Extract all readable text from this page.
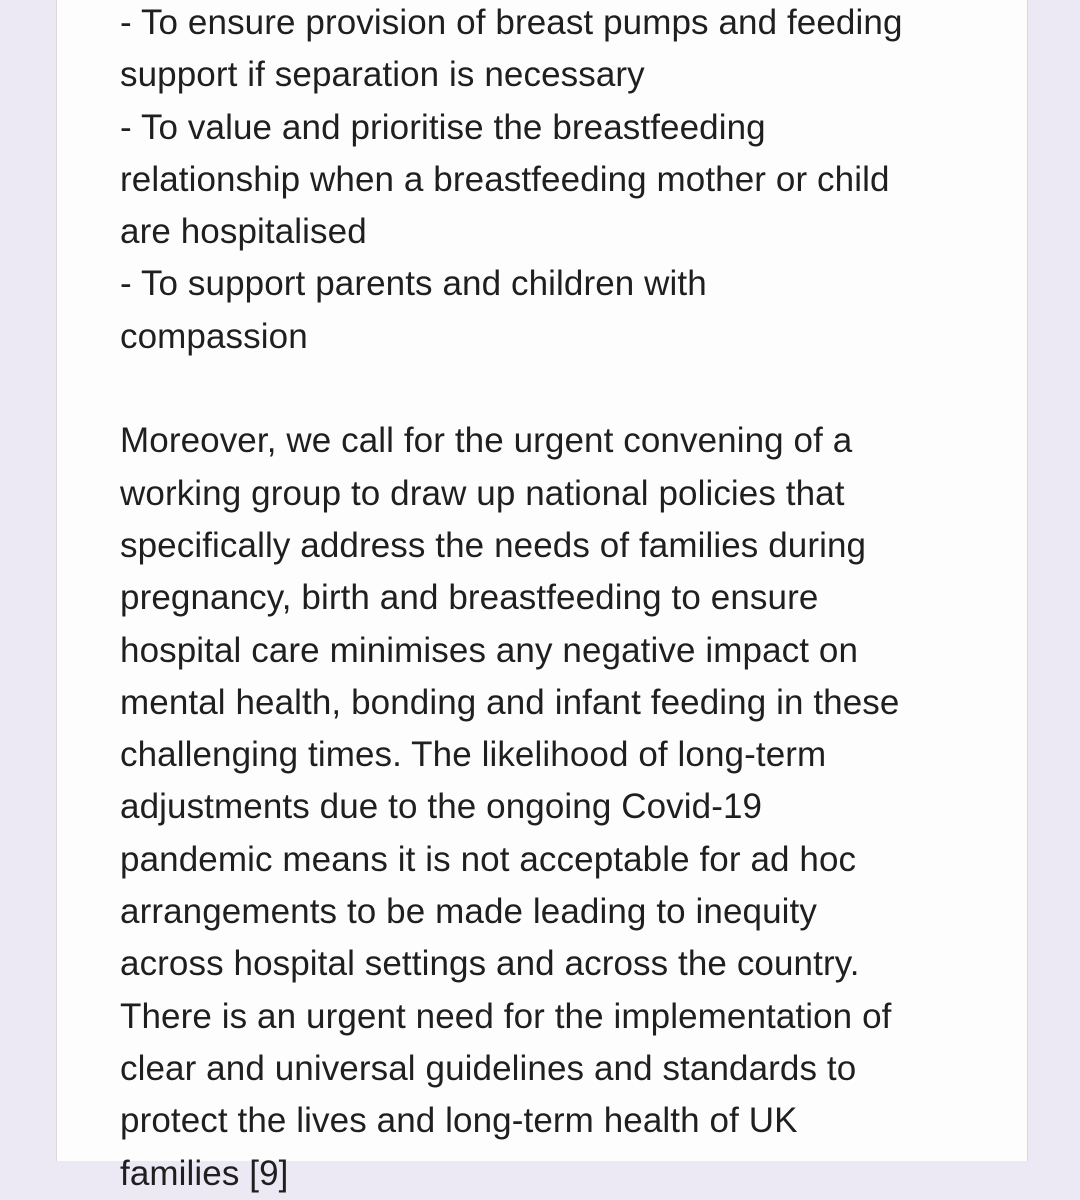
- To ensure provision of breast pumps and feeding
support if separation is necessary
- To value and prioritise the breastfeeding
relationship when a breastfeeding mother or child
are hospitalised
- To support parents and children with
compassion
Moreover, we call for the urgent convening of a
working group to draw up national policies that
specifically address the needs of families during
pregnancy, birth and breastfeeding to ensure
hospital care minimises any negative impact on
mental health, bonding and infant feeding in these
challenging times. The likelihood of long-term
adjustments due to the ongoing Covid-19
pandemic means it is not acceptable for ad hoc
arrangements to be made leading to inequity
across hospital settings and across the country.
There is an urgent need for the implementation of
clear and universal guidelines and standards to
protect the lives and long-term health of UK
families [9]
